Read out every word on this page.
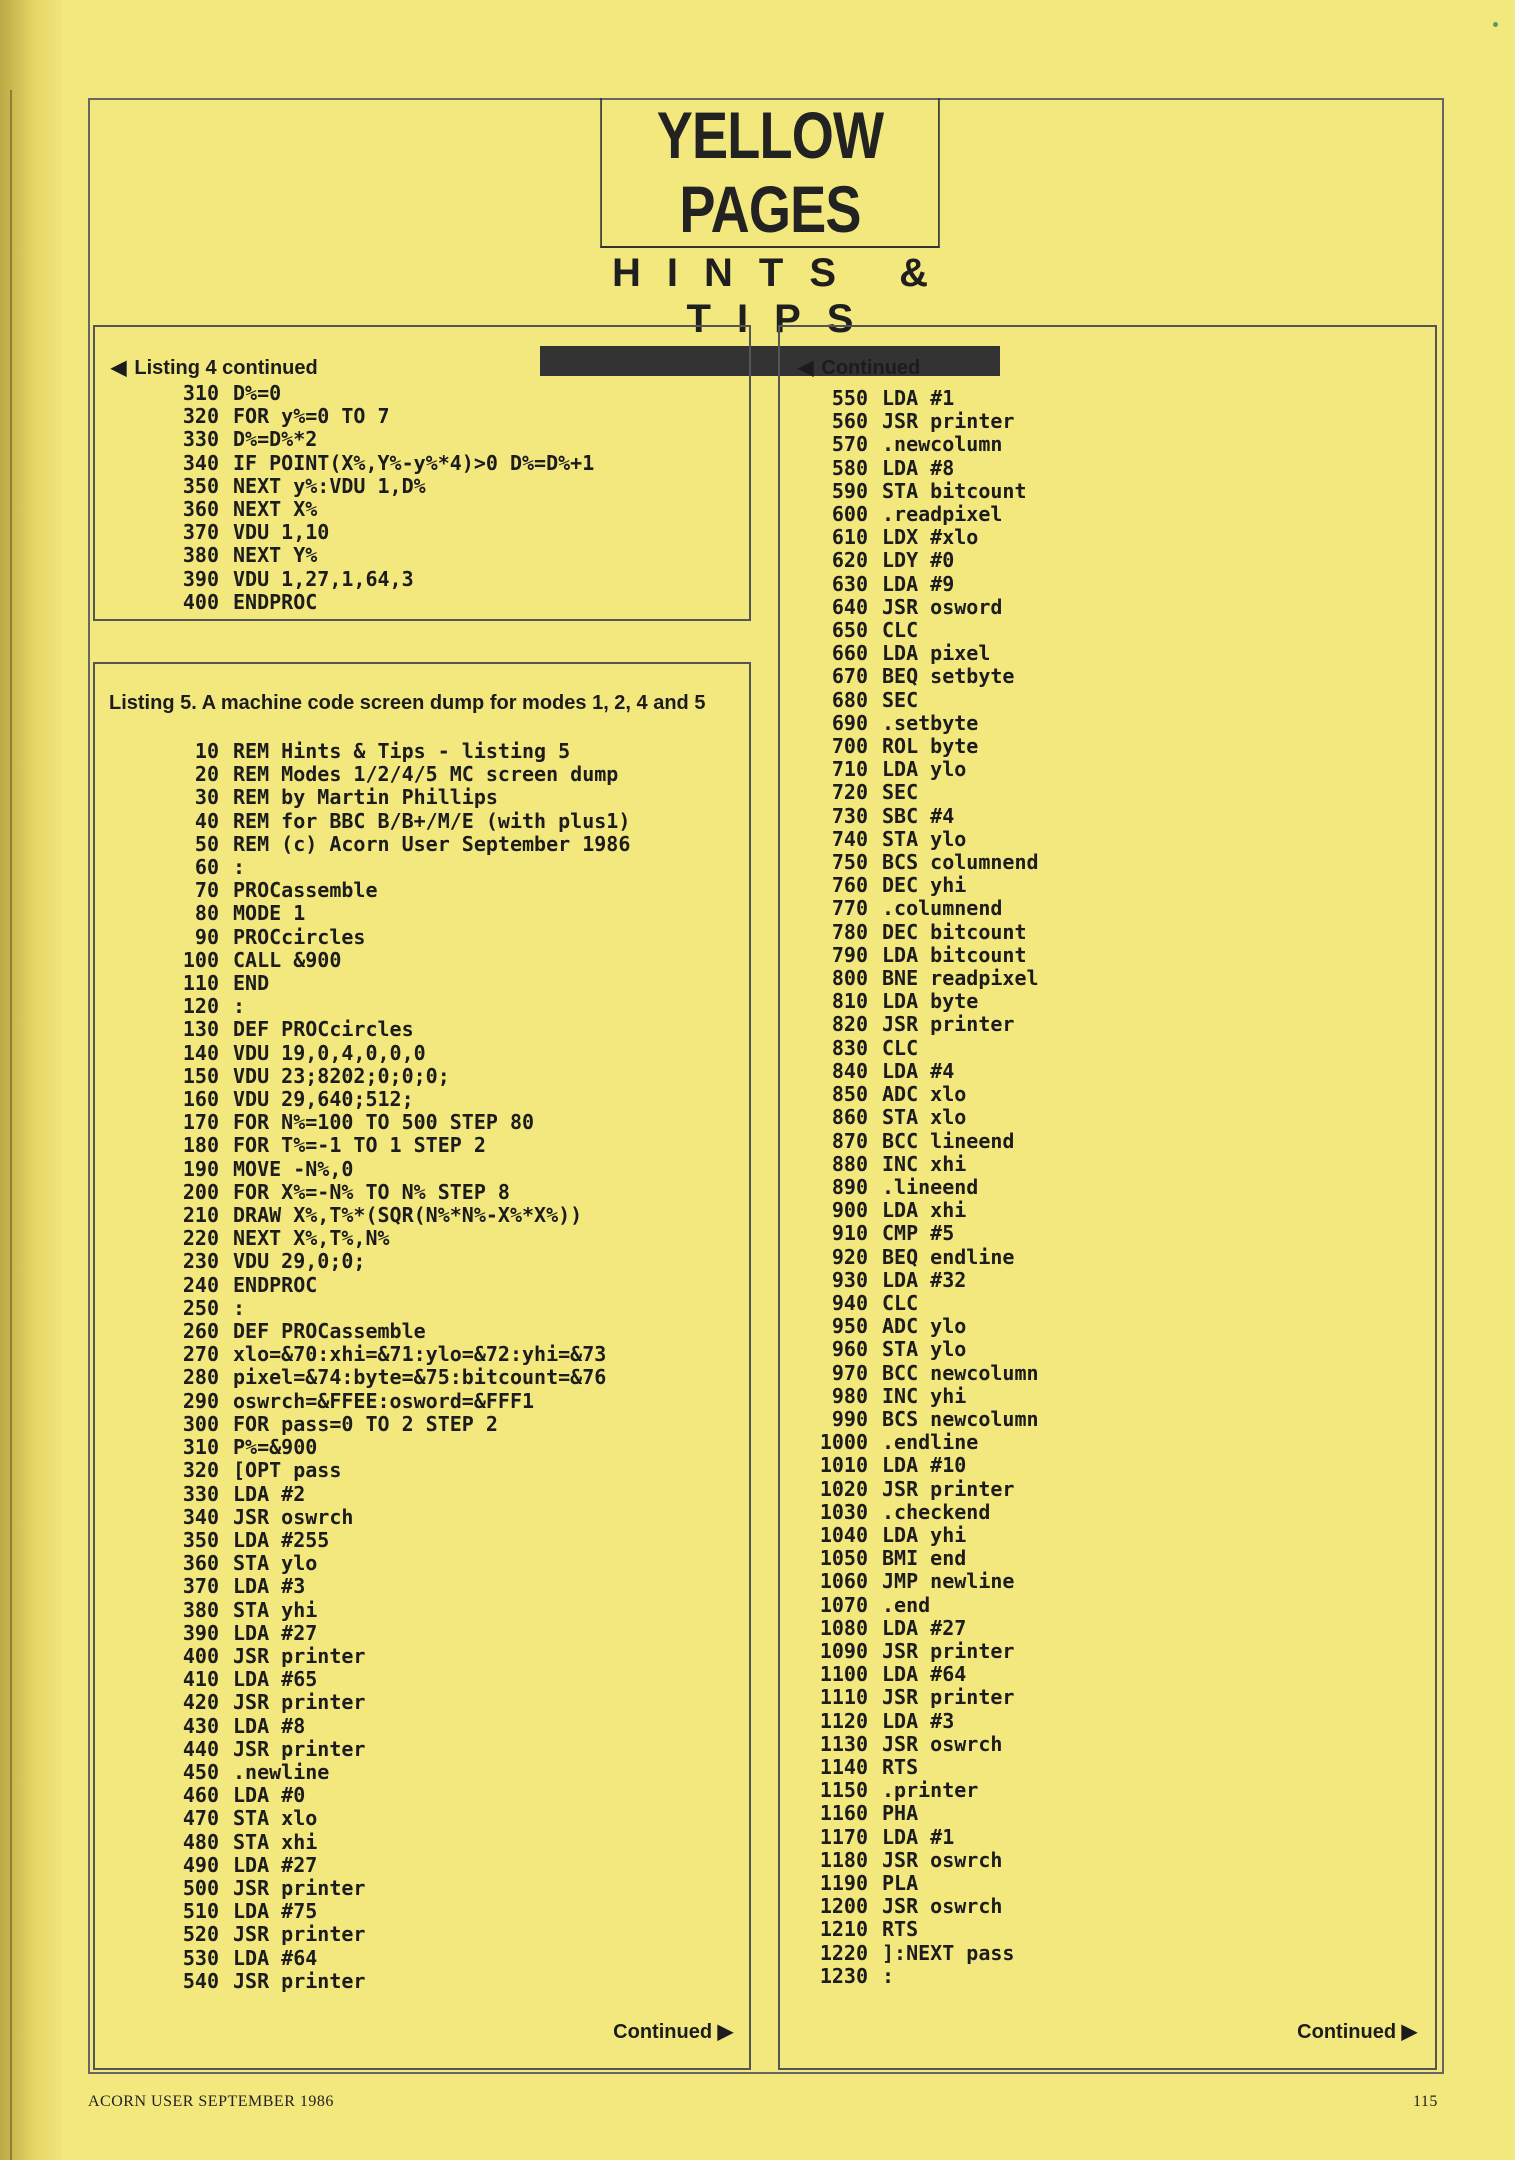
YELLOW PAGES
HINTS & TIPS
◀ Listing 4 continued
310 D%=0
320 FOR y%=0 TO 7
330 D%=D%*2
340 IF POINT(X%,Y%-y%*4)>0 D%=D%+1
350 NEXT y%:VDU 1,D%
360 NEXT X%
370 VDU 1,10
380 NEXT Y%
390 VDU 1,27,1,64,3
400 ENDPROC
Listing 5. A machine code screen dump for modes 1, 2, 4 and 5
10 REM Hints & Tips - listing 5
20 REM Modes 1/2/4/5 MC screen dump
30 REM by Martin Phillips
40 REM for BBC B/B+/M/E (with plus1)
50 REM (c) Acorn User September 1986
60 :
70 PROCassemble
80 MODE 1
90 PROCcircles
100 CALL &900
110 END
120 :
130 DEF PROCcircles
140 VDU 19,0,4,0,0,0
150 VDU 23;8202;0;0;0;
160 VDU 29,640;512;
170 FOR N%=100 TO 500 STEP 80
180 FOR T%=-1 TO 1 STEP 2
190 MOVE -N%,0
200 FOR X%=-N% TO N% STEP 8
210 DRAW X%,T%*(SQR(N%*N%-X%*X%))
220 NEXT X%,T%,N%
230 VDU 29,0;0;
240 ENDPROC
250 :
260 DEF PROCassemble
270 xlo=&70:xhi=&71:ylo=&72:yhi=&73
280 pixel=&74:byte=&75:bitcount=&76
290 oswrch=&FFEE:osword=&FFF1
300 FOR pass=0 TO 2 STEP 2
310 P%=&900
320 [OPT pass
330 LDA #2
340 JSR oswrch
350 LDA #255
360 STA ylo
370 LDA #3
380 STA yhi
390 LDA #27
400 JSR printer
410 LDA #65
420 JSR printer
430 LDA #8
440 JSR printer
450 .newline
460 LDA #0
470 STA xlo
480 STA xhi
490 LDA #27
500 JSR printer
510 LDA #75
520 JSR printer
530 LDA #64
540 JSR printer
Continued ▶
◀ Continued
550 LDA #1
560 JSR printer
570 .newcolumn
580 LDA #8
590 STA bitcount
600 .readpixel
610 LDX #xlo
620 LDY #0
630 LDA #9
640 JSR osword
650 CLC
660 LDA pixel
670 BEQ setbyte
680 SEC
690 .setbyte
700 ROL byte
710 LDA ylo
720 SEC
730 SBC #4
740 STA ylo
750 BCS columnend
760 DEC yhi
770 .columnend
780 DEC bitcount
790 LDA bitcount
800 BNE readpixel
810 LDA byte
820 JSR printer
830 CLC
840 LDA #4
850 ADC xlo
860 STA xlo
870 BCC lineend
880 INC xhi
890 .lineend
900 LDA xhi
910 CMP #5
920 BEQ endline
930 LDA #32
940 CLC
950 ADC ylo
960 STA ylo
970 BCC newcolumn
980 INC yhi
990 BCS newcolumn
1000 .endline
1010 LDA #10
1020 JSR printer
1030 .checkend
1040 LDA yhi
1050 BMI end
1060 JMP newline
1070 .end
1080 LDA #27
1090 JSR printer
1100 LDA #64
1110 JSR printer
1120 LDA #3
1130 JSR oswrch
1140 RTS
1150 .printer
1160 PHA
1170 LDA #1
1180 JSR oswrch
1190 PLA
1200 JSR oswrch
1210 RTS
1220 ]:NEXT pass
1230 :
Continued ▶
ACORN USER SEPTEMBER 1986	115
